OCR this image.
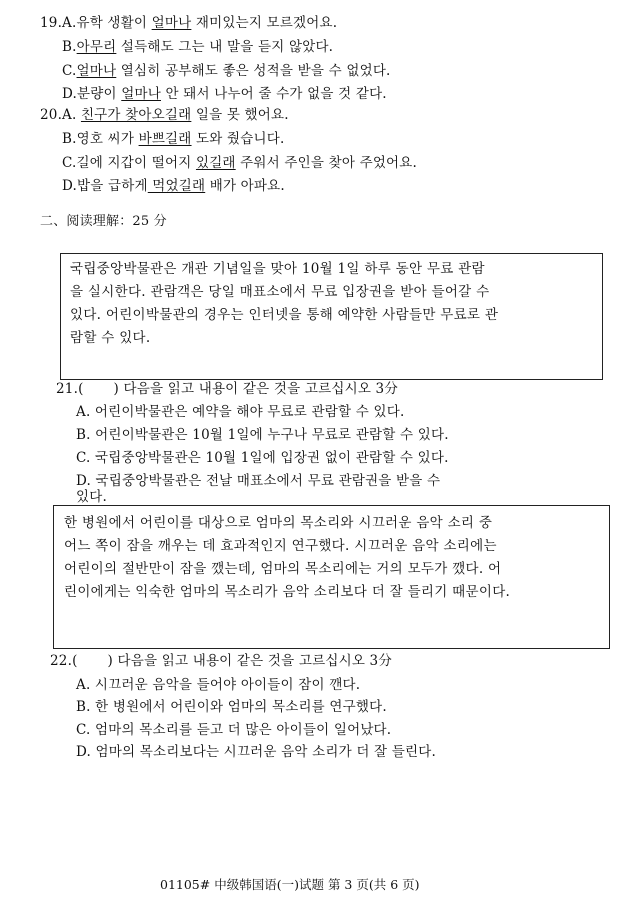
19.A.유학 생활이 얼마나 재미있는지 모르겠어요.
B.아무리 설득해도 그는 내 말을 듣지 않았다.
C.얼마나 열심히 공부해도 좋은 성적을 받을 수 없었다.
D.분량이 얼마나 안 돼서 나누어 줄 수가 없을 것 같다.
20.A. 친구가 찾아오길래 일을 못 했어요.
B.영호 씨가 바쁘길래 도와 줬습니다.
C.길에 지갑이 떨어지 있길래 주워서 주인을 찾아 주었어요.
D.밥을 급하게 먹었길래 배가 아파요.
二、阅读理解：25 分
국립중앙박물관은 개관 기념일을 맞아 10월 1일 하루 동안 무료 관람
을 실시한다. 관람객은 당일 매표소에서 무료 입장권을 받아 들어갈 수
있다. 어린이박물관의 경우는 인터넷을 통해 예약한 사람들만 무료로 관
람할 수 있다.
21.( ) 다음을 읽고 내용이 같은 것을 고르십시오 3分
A. 어린이박물관은 예약을 해야 무료로 관람할 수 있다.
B. 어린이박물관은 10월 1일에 누구나 무료로 관람할 수 있다.
C. 국립중앙박물관은 10월 1일에 입장권 없이 관람할 수 있다.
D. 국립중앙박물관은 전날 매표소에서 무료 관람권을 받을 수
있다.
한 병원에서 어린이를 대상으로 엄마의 목소리와 시끄러운 음악 소리 중
어느 쪽이 잠을 깨우는 데 효과적인지 연구했다. 시끄러운 음악 소리에는
어린이의 절반만이 잠을 깼는데, 엄마의 목소리에는 거의 모두가 깼다. 어
린이에게는 익숙한 엄마의 목소리가 음악 소리보다 더 잘 들리기 때문이다.
22.( ) 다음을 읽고 내용이 같은 것을 고르십시오 3分
A. 시끄러운 음악을 들어야 아이들이 잠이 깬다.
B. 한 병원에서 어린이와 엄마의 목소리를 연구했다.
C. 엄마의 목소리를 듣고 더 많은 아이들이 일어났다.
D. 엄마의 목소리보다는 시끄러운 음악 소리가 더 잘 들린다.
01105# 中级韩国语(一)试题 第 3 页(共 6 页)
